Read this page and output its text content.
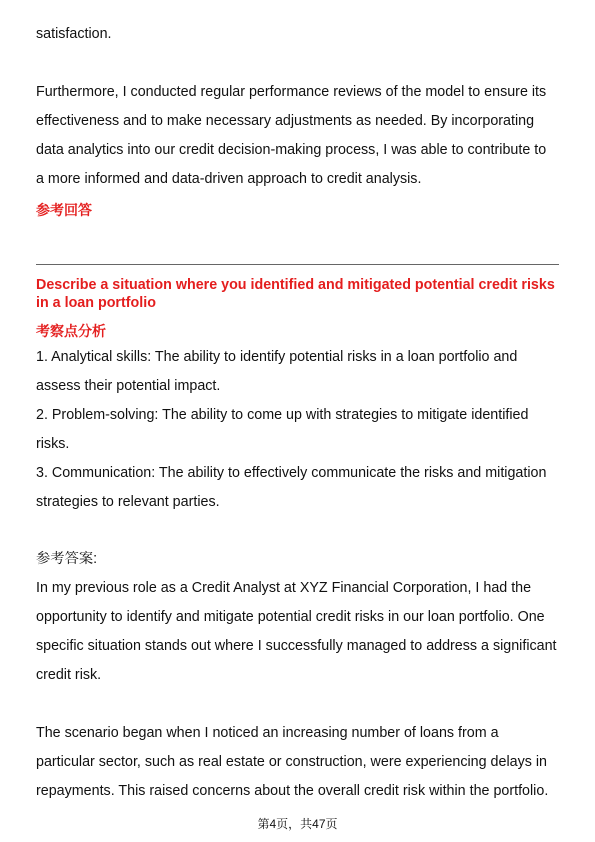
satisfaction.

Furthermore, I conducted regular performance reviews of the model to ensure its
effectiveness and to make necessary adjustments as needed. By incorporating
data analytics into our credit decision-making process, I was able to contribute to
a more informed and data-driven approach to credit analysis.
参考回答
Describe a situation where you identified and mitigated potential credit risks in a loan portfolio
考察点分析
1. Analytical skills: The ability to identify potential risks in a loan portfolio and
assess their potential impact.
2. Problem-solving: The ability to come up with strategies to mitigate identified
risks.
3. Communication: The ability to effectively communicate the risks and mitigation
strategies to relevant parties.
参考答案:
In my previous role as a Credit Analyst at XYZ Financial Corporation, I had the
opportunity to identify and mitigate potential credit risks in our loan portfolio. One
specific situation stands out where I successfully managed to address a significant
credit risk.

The scenario began when I noticed an increasing number of loans from a
particular sector, such as real estate or construction, were experiencing delays in
repayments. This raised concerns about the overall credit risk within the portfolio.
第4页，共47页
